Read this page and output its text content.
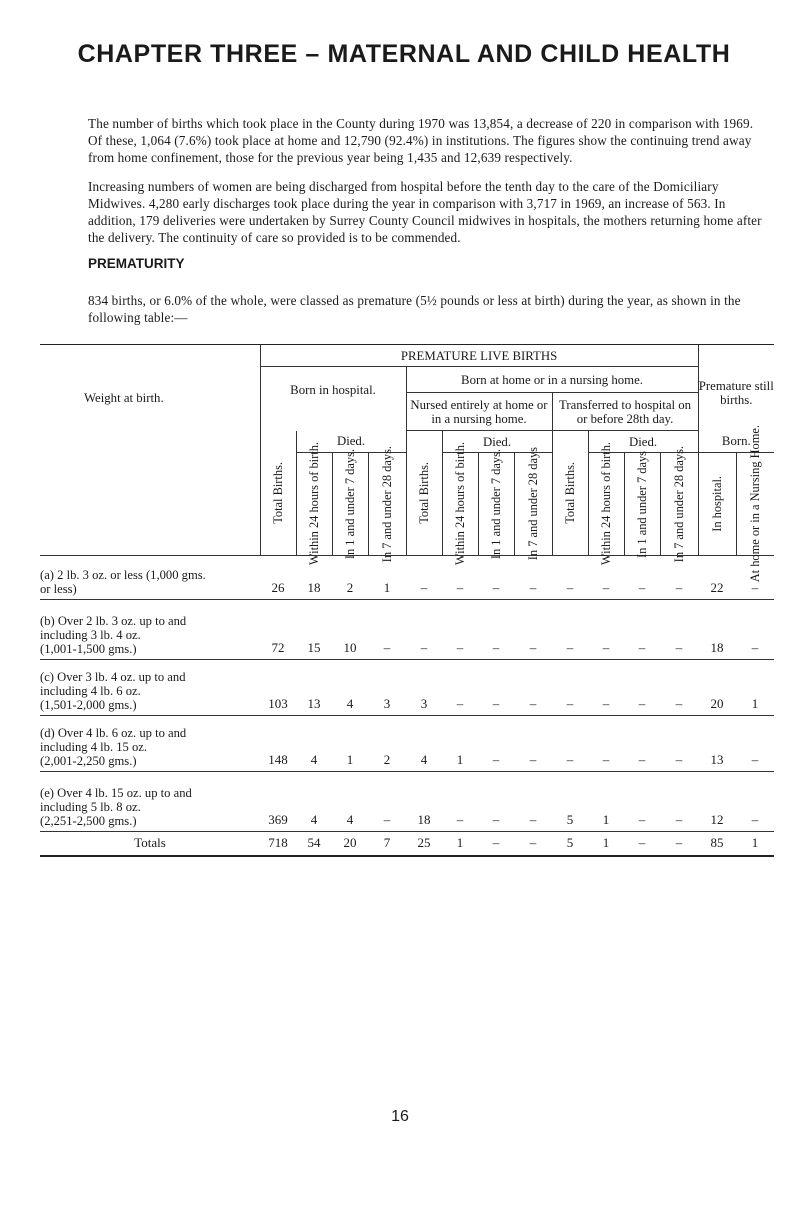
CHAPTER THREE – MATERNAL AND CHILD HEALTH
The number of births which took place in the County during 1970 was 13,854, a decrease of 220 in comparison with 1969. Of these, 1,064 (7.6%) took place at home and 12,790 (92.4%) in institutions. The figures show the continuing trend away from home confinement, those for the previous year being 1,435 and 12,639 respectively.
Increasing numbers of women are being discharged from hospital before the tenth day to the care of the Domiciliary Midwives. 4,280 early discharges took place during the year in comparison with 3,717 in 1969, an increase of 563. In addition, 179 deliveries were undertaken by Surrey County Council midwives in hospitals, the mothers returning home after the delivery. The continuity of care so provided is to be commended.
PREMATURITY
834 births, or 6.0% of the whole, were classed as premature (5½ pounds or less at birth) during the year, as shown in the following table:—
Weight at birth.	PREMATURE LIVE BIRTHS												Premature still births.	
	Born in hospital.				Born at home or in a nursing home.									
					Nursed entirely at home or in a nursing home.				Transferred to hospital on or before 28th day.					

	Total Births.	Died.			Total Births.	Died.			Total Births.	Died.			Born.	

		Within 24 hours of birth.	In 1 and under 7 days.	In 7 and under 28 days.		Within 24 hours of birth.	In 1 and under 7 days.	In 7 and under 28 days		Within 24 hours of birth.	In 1 and under 7 days	In 7 and under 28 days.	In hospital.	At home or in a Nursing Home.

(a) 2 lb. 3 oz. or less (1,000 gms.
or less)	26	18	2	1	–	–	–	–	–	–	–	–	22	–

(b) Over 2 lb. 3 oz. up to and
including 3 lb. 4 oz.
(1,001-1,500 gms.)	72	15	10	–	–	–	–	–	–	–	–	–	18	–

(c) Over 3 lb. 4 oz. up to and
including 4 lb. 6 oz.
(1,501-2,000 gms.)	103	13	4	3	3	–	–	–	–	–	–	–	20	1

(d) Over 4 lb. 6 oz. up to and
including 4 lb. 15 oz.
(2,001-2,250 gms.)	148	4	1	2	4	1	–	–	–	–	–	–	13	–

(e) Over 4 lb. 15 oz. up to and
including 5 lb. 8 oz.
(2,251-2,500 gms.)	369	4	4	–	18	–	–	–	5	1	–	–	12	–
Totals	718	54	20	7	25	1	–	–	5	1	–	–	85	1
16
